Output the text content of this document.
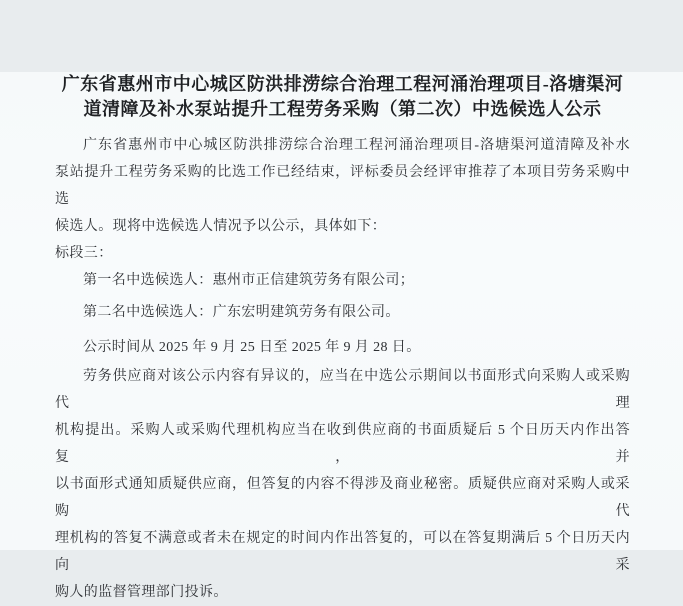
广东省惠州市中心城区防洪排涝综合治理工程河涌治理项目-洛塘渠河
道清障及补水泵站提升工程劳务采购（第二次）中选候选人公示
广东省惠州市中心城区防洪排涝综合治理工程河涌治理项目-洛塘渠河道清障及补水
泵站提升工程劳务采购的比选工作已经结束，评标委员会经评审推荐了本项目劳务采购中选
候选人。现将中选候选人情况予以公示，具体如下：
标段三：
第一名中选候选人：惠州市正信建筑劳务有限公司；
第二名中选候选人：广东宏明建筑劳务有限公司。
公示时间从 2025 年 9 月 25 日至 2025 年 9 月 28 日。
劳务供应商对该公示内容有异议的，应当在中选公示期间以书面形式向采购人或采购代理
机构提出。采购人或采购代理机构应当在收到供应商的书面质疑后 5 个日历天内作出答复，并
以书面形式通知质疑供应商，但答复的内容不得涉及商业秘密。质疑供应商对采购人或采购代
理机构的答复不满意或者未在规定的时间内作出答复的，可以在答复期满后 5 个日历天内向采
购人的监督管理部门投诉。
